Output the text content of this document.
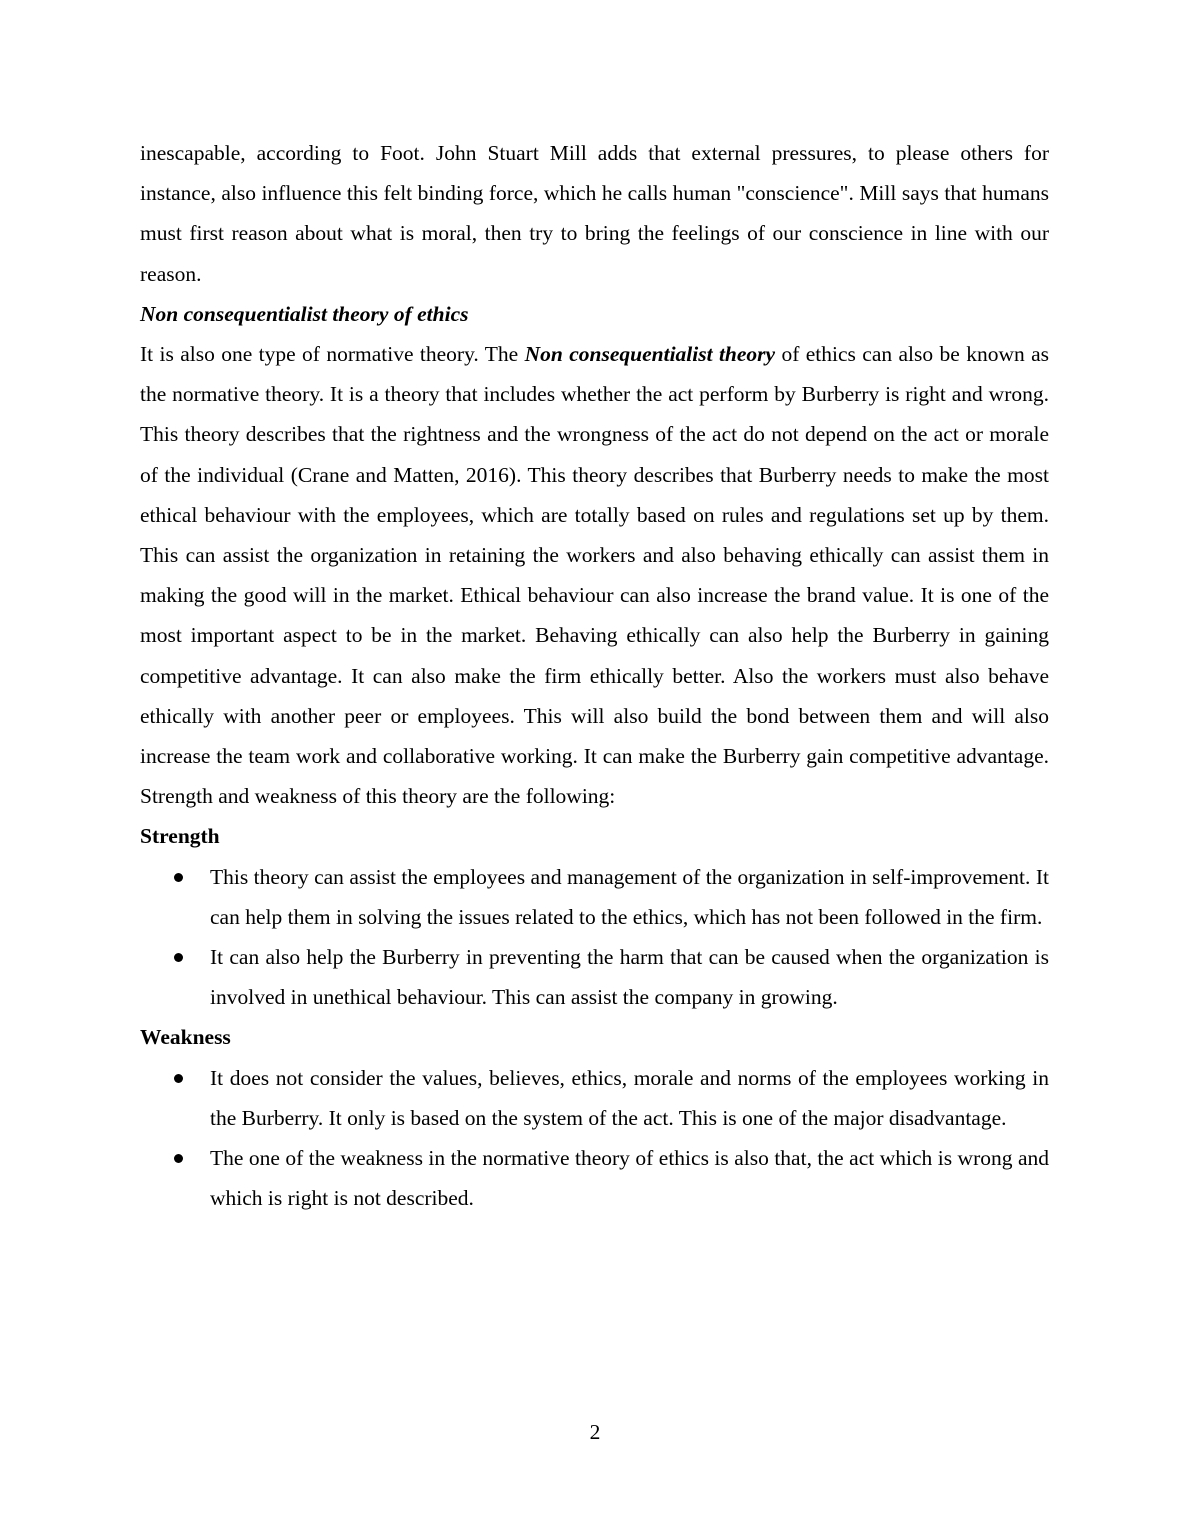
inescapable, according to Foot. John Stuart Mill adds that external pressures, to please others for instance, also influence this felt binding force, which he calls human "conscience". Mill says that humans must first reason about what is moral, then try to bring the feelings of our conscience in line with our reason.

Non consequentialist theory of ethics

It is also one type of normative theory. The Non consequentialist theory of ethics can also be known as the normative theory. It is a theory that includes whether the act perform by Burberry is right and wrong. This theory describes that the rightness and the wrongness of the act do not depend on the act or morale of the individual (Crane and Matten, 2016). This theory describes that Burberry needs to make the most ethical behaviour with the employees, which are totally based on rules and regulations set up by them. This can assist the organization in retaining the workers and also behaving ethically can assist them in making the good will in the market. Ethical behaviour can also increase the brand value. It is one of the most important aspect to be in the market. Behaving ethically can also help the Burberry in gaining competitive advantage. It can also make the firm ethically better. Also the workers must also behave ethically with another peer or employees. This will also build the bond between them and will also increase the team work and collaborative working. It can make the Burberry gain competitive advantage. Strength and weakness of this theory are the following:

Strength

This theory can assist the employees and management of the organization in self-improvement. It can help them in solving the issues related to the ethics, which has not been followed in the firm.
It can also help the Burberry in preventing the harm that can be caused when the organization is involved in unethical behaviour. This can assist the company in growing.

Weakness

It does not consider the values, believes, ethics, morale and norms of the employees working in the Burberry. It only is based on the system of the act. This is one of the major disadvantage.
The one of the weakness in the normative theory of ethics is also that, the act which is wrong and which is right is not described.
2
